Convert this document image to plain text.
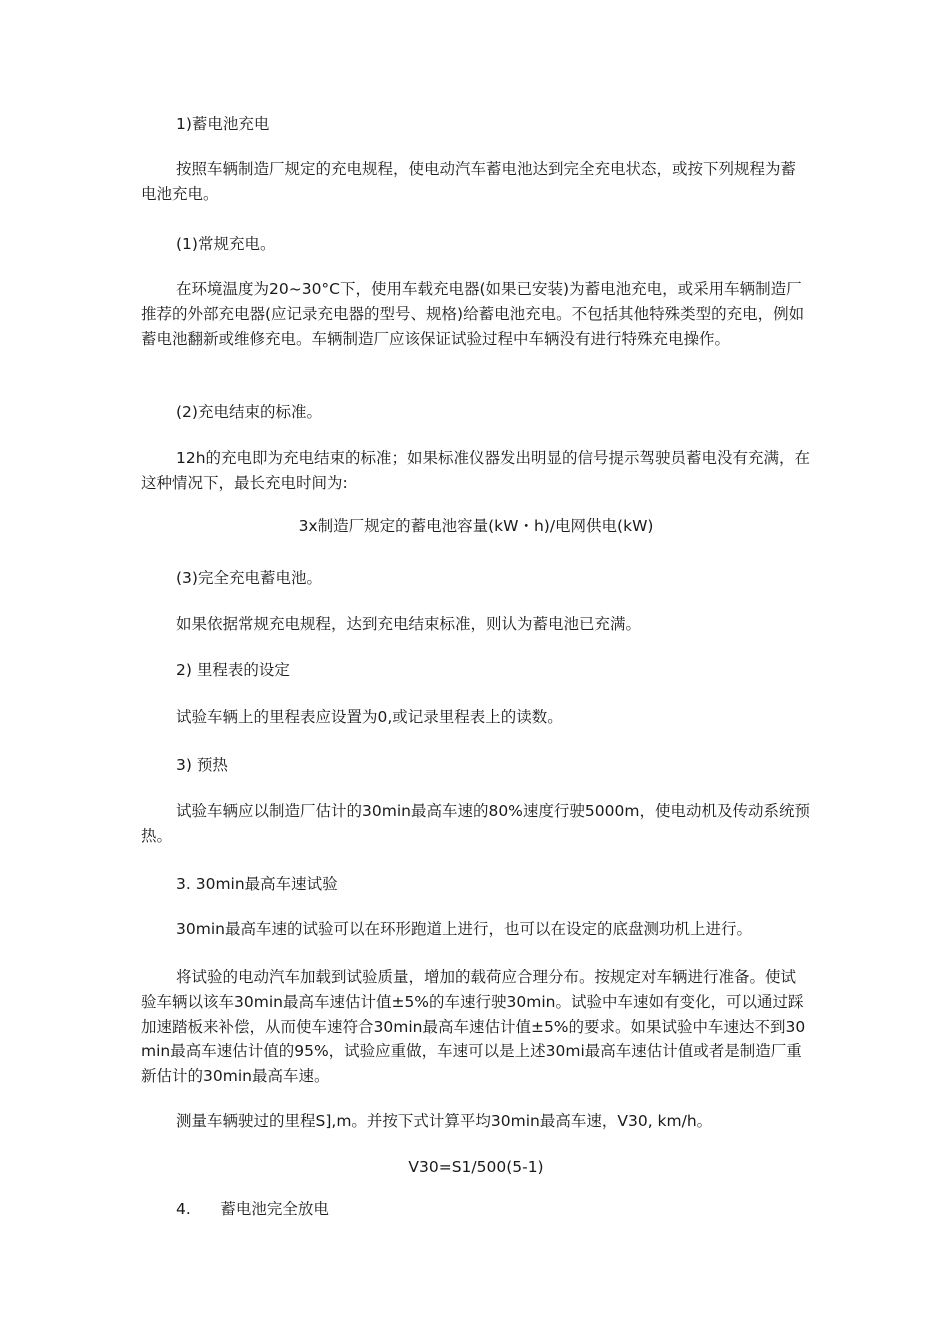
1)蓄电池充电

按照车辆制造厂规定的充电规程，使电动汽车蓄电池达到完全充电状态，或按下列规程为蓄电池充电。

(1)常规充电。

在环境温度为20~30°C下，使用车载充电器(如果已安装)为蓄电池充电，或采用车辆制造厂推荐的外部充电器(应记录充电器的型号、规格)给蓄电池充电。不包括其他特殊类型的充电，例如蓄电池翻新或维修充电。车辆制造厂应该保证试验过程中车辆没有进行特殊充电操作。

(2)充电结束的标准。

12h的充电即为充电结束的标准；如果标准仪器发出明显的信号提示驾驶员蓄电没有充满，在这种情况下，最长充电时间为:

3x制造厂规定的蓄电池容量(kW・h)/电网供电(kW)

(3)完全充电蓄电池。

如果依据常规充电规程，达到充电结束标准，则认为蓄电池已充满。

2) 里程表的设定

试验车辆上的里程表应设置为0,或记录里程表上的读数。

3) 预热

试验车辆应以制造厂估计的30min最高车速的80%速度行驶5000m，使电动机及传动系统预热。

3. 30min最高车速试验

30min最高车速的试验可以在环形跑道上进行，也可以在设定的底盘测功机上进行。

将试验的电动汽车加载到试验质量，增加的载荷应合理分布。按规定对车辆进行准备。使试验车辆以该车30min最高车速估计值±5%的车速行驶30min。试验中车速如有变化，可以通过踩加速踏板来补偿，从而使车速符合30min最高车速估计值±5%的要求。如果试验中车速达不到30min最高车速估计值的95%，试验应重做，车速可以是上述30mi最高车速估计值或者是制造厂重新估计的30min最高车速。

测量车辆驶过的里程S],m。并按下式计算平均30min最高车速，V30, km/h。

V30=S1/500(5-1)

4.      蓄电池完全放电
